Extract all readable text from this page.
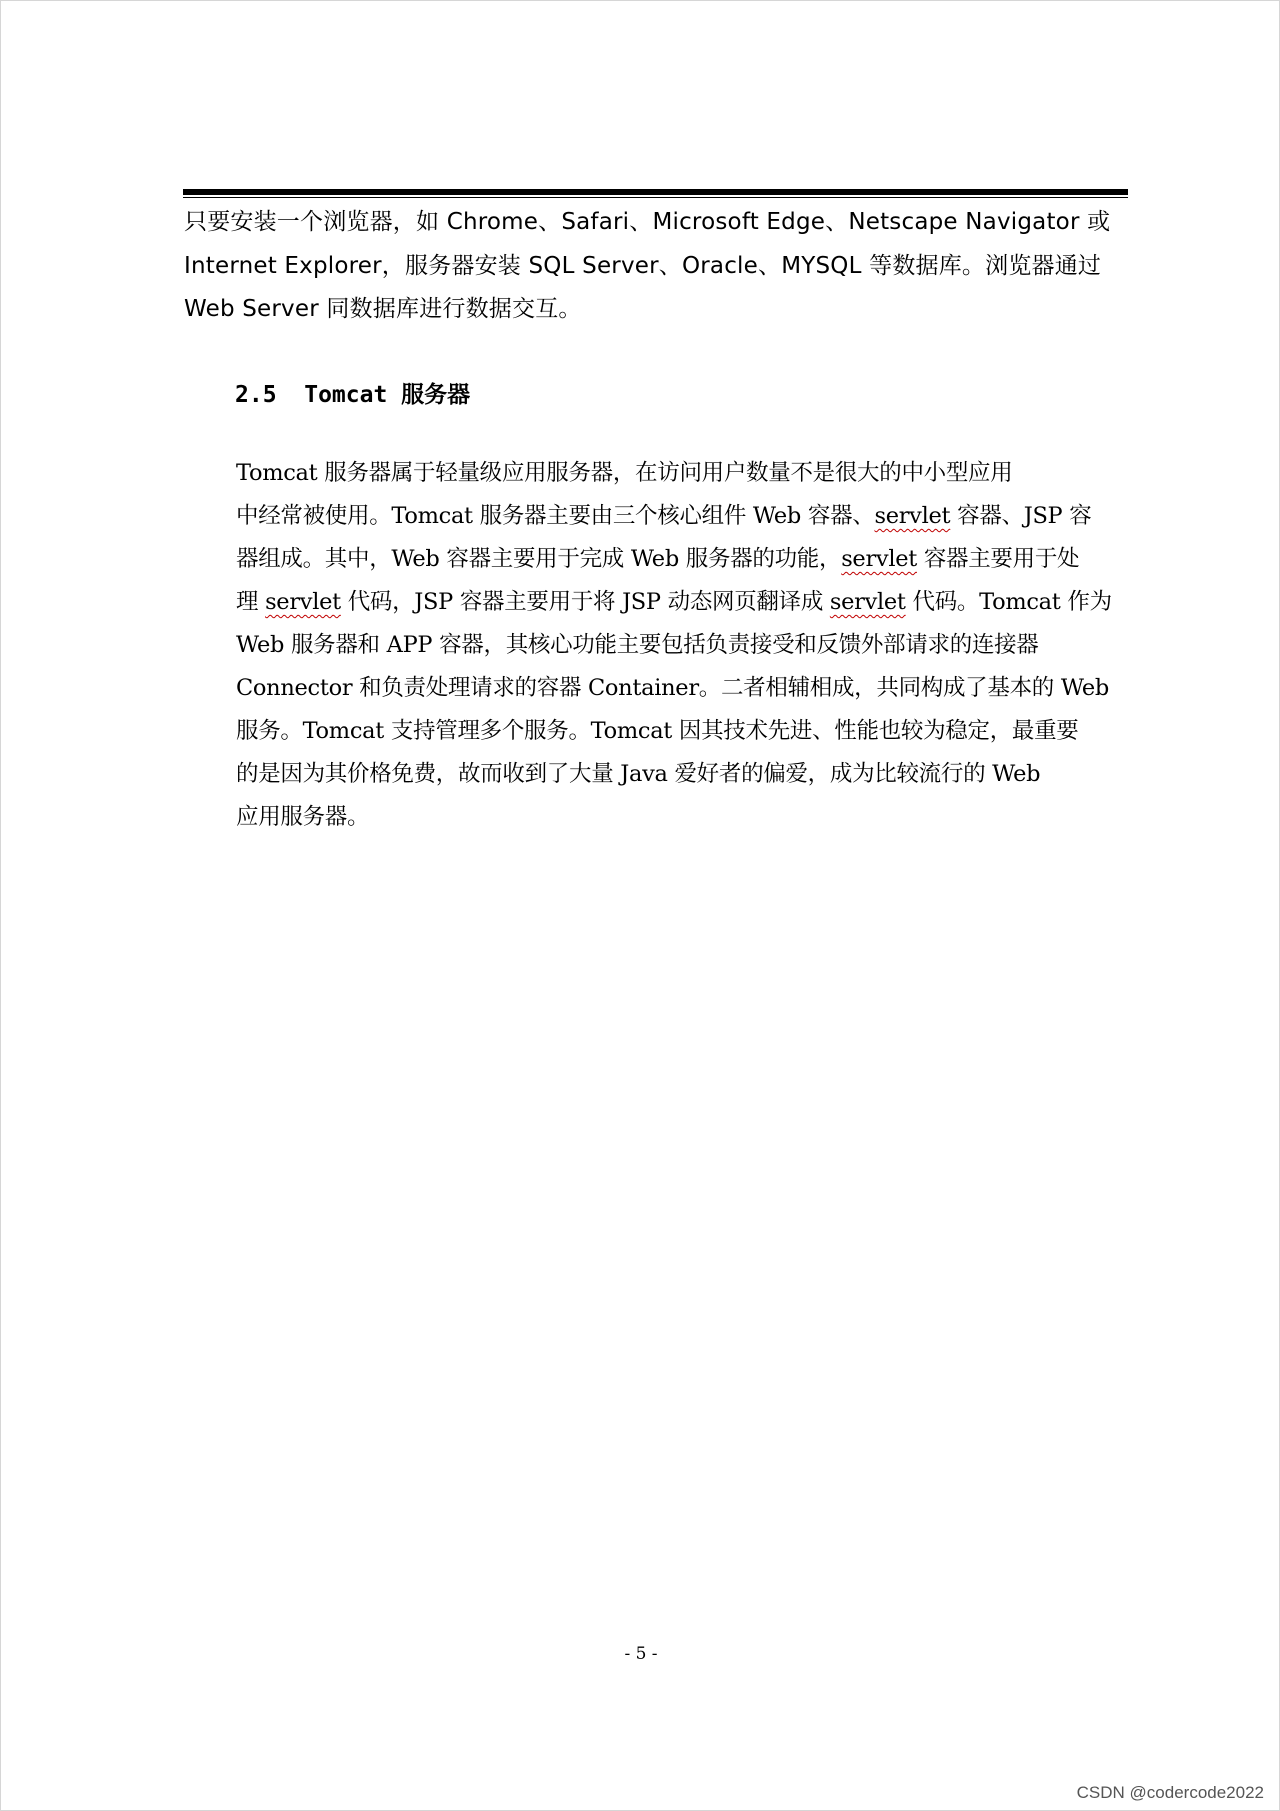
只要安装一个浏览器，如 Chrome、Safari、Microsoft Edge、Netscape Navigator 或
Internet Explorer，服务器安装 SQL Server、Oracle、MYSQL 等数据库。浏览器通过
Web Server 同数据库进行数据交互。

2.5  Tomcat 服务器

Tomcat 服务器属于轻量级应用服务器，在访问用户数量不是很大的中小型应用
中经常被使用。Tomcat 服务器主要由三个核心组件 Web 容器、servlet 容器、JSP 容
器组成。其中，Web 容器主要用于完成 Web 服务器的功能，servlet 容器主要用于处
理 servlet 代码，JSP 容器主要用于将 JSP 动态网页翻译成 servlet 代码。Tomcat 作为
Web 服务器和 APP 容器，其核心功能主要包括负责接受和反馈外部请求的连接器
Connector 和负责处理请求的容器 Container。二者相辅相成，共同构成了基本的 Web
服务。Tomcat 支持管理多个服务。Tomcat 因其技术先进、性能也较为稳定，最重要
的是因为其价格免费，故而收到了大量 Java 爱好者的偏爱，成为比较流行的 Web
应用服务器。

- 5 -

CSDN @codercode2022
